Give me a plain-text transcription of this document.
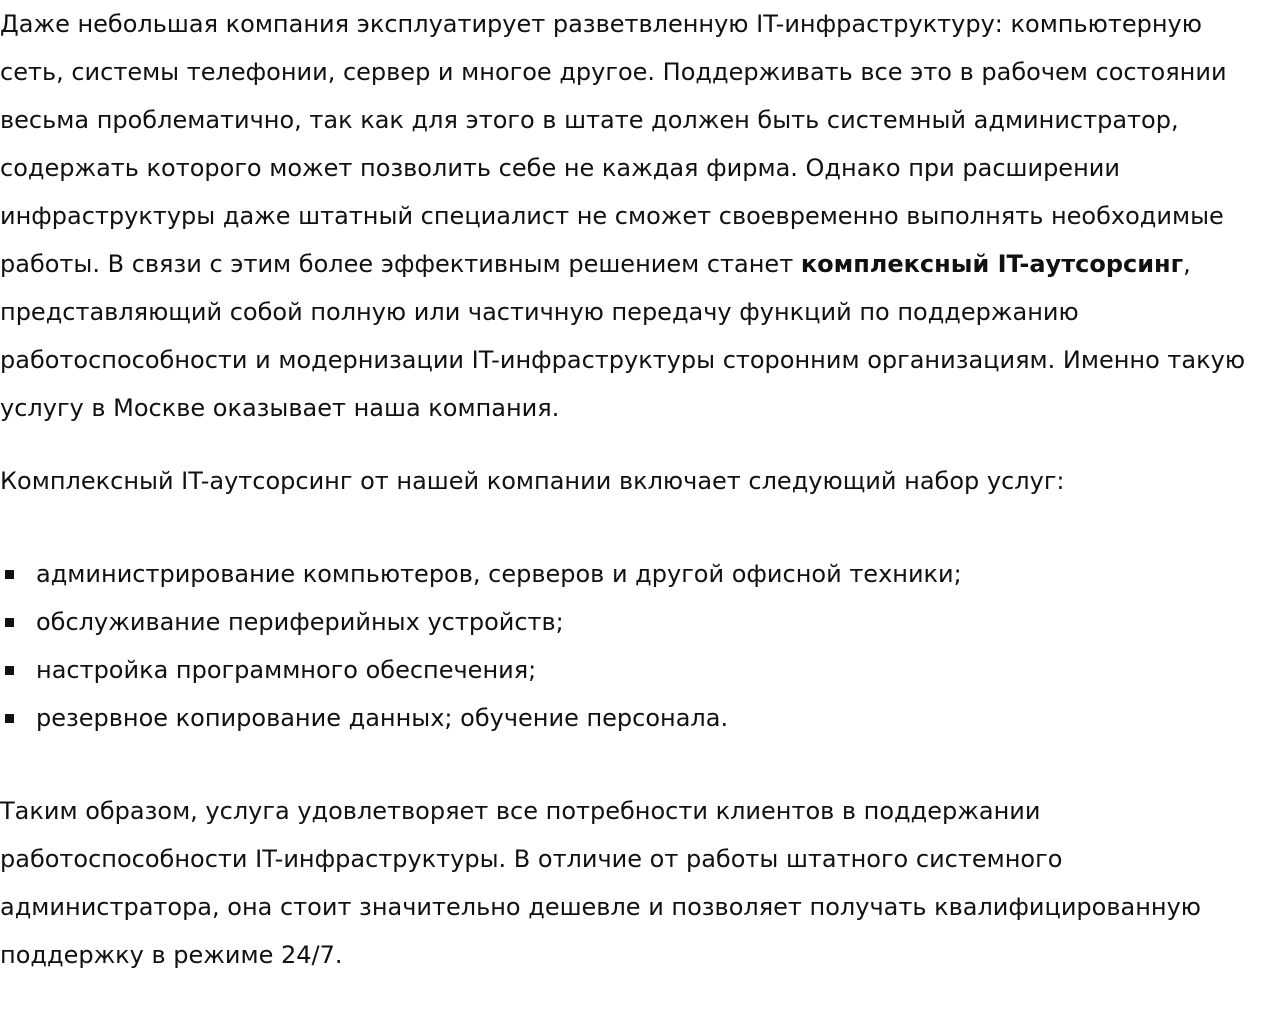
Даже небольшая компания эксплуатирует разветвленную IT-инфраструктуру: компьютерную сеть, системы телефонии, сервер и многое другое. Поддерживать все это в рабочем состоянии весьма проблематично, так как для этого в штате должен быть системный администратор, содержать которого может позволить себе не каждая фирма. Однако при расширении инфраструктуры даже штатный специалист не сможет своевременно выполнять необходимые работы. В связи с этим более эффективным решением станет комплексный IT-аутсорсинг, представляющий собой полную или частичную передачу функций по поддержанию работоспособности и модернизации IT-инфраструктуры сторонним организациям. Именно такую услугу в Москве оказывает наша компания.

Комплексный IT-аутсорсинг от нашей компании включает следующий набор услуг:

администрирование компьютеров, серверов и другой офисной техники;
обслуживание периферийных устройств;
настройка программного обеспечения;
резервное копирование данных; обучение персонала.

Таким образом, услуга удовлетворяет все потребности клиентов в поддержании работоспособности IT-инфраструктуры. В отличие от работы штатного системного администратора, она стоит значительно дешевле и позволяет получать квалифицированную поддержку в режиме 24/7.
